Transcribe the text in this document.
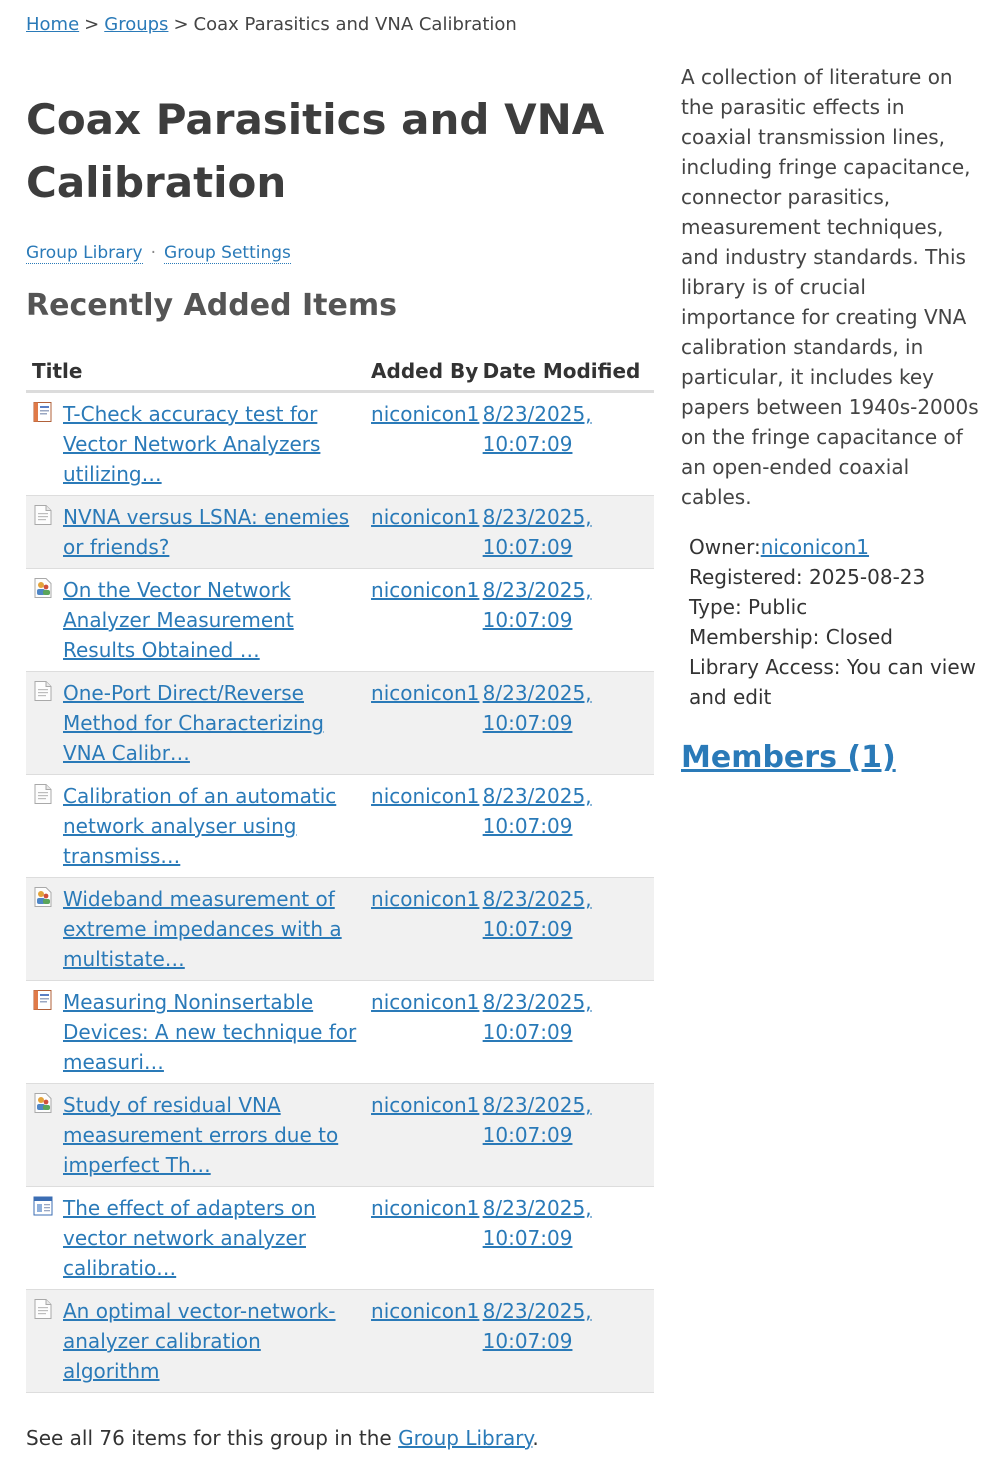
Home > Groups > Coax Parasitics and VNA Calibration
Coax Parasitics and VNA Calibration
Group Library · Group Settings
Recently Added Items
Title	Added By	Date Modified

T-Check accuracy test for Vector Network Analyzers utilizing…	niconicon1	8/23/2025, 10:07:09

NVNA versus LSNA: enemies or friends?	niconicon1	8/23/2025, 10:07:09

On the Vector Network Analyzer Measurement Results Obtained …	niconicon1	8/23/2025, 10:07:09

One-Port Direct/Reverse Method for Characterizing VNA Calibr…	niconicon1	8/23/2025, 10:07:09

Calibration of an automatic network analyser using transmiss…	niconicon1	8/23/2025, 10:07:09

Wideband measurement of extreme impedances with a multistate…	niconicon1	8/23/2025, 10:07:09

Measuring Noninsertable Devices: A new technique for measuri…	niconicon1	8/23/2025, 10:07:09

Study of residual VNA measurement errors due to imperfect Th…	niconicon1	8/23/2025, 10:07:09

The effect of adapters on vector network analyzer calibratio…	niconicon1	8/23/2025, 10:07:09

An optimal vector-network-analyzer calibration algorithm	niconicon1	8/23/2025, 10:07:09
See all 76 items for this group in the Group Library.

A collection of literature on the parasitic effects in coaxial transmission lines, including fringe capacitance, connector parasitics, measurement techniques, and industry standards. This library is of crucial importance for creating VNA calibration standards, in particular, it includes key papers between 1940s-2000s on the fringe capacitance of an open-ended coaxial cables.

Owner:niconicon1
Registered: 2025-08-23
Type: Public
Membership: Closed
Library Access: You can view and edit
Members (1)
